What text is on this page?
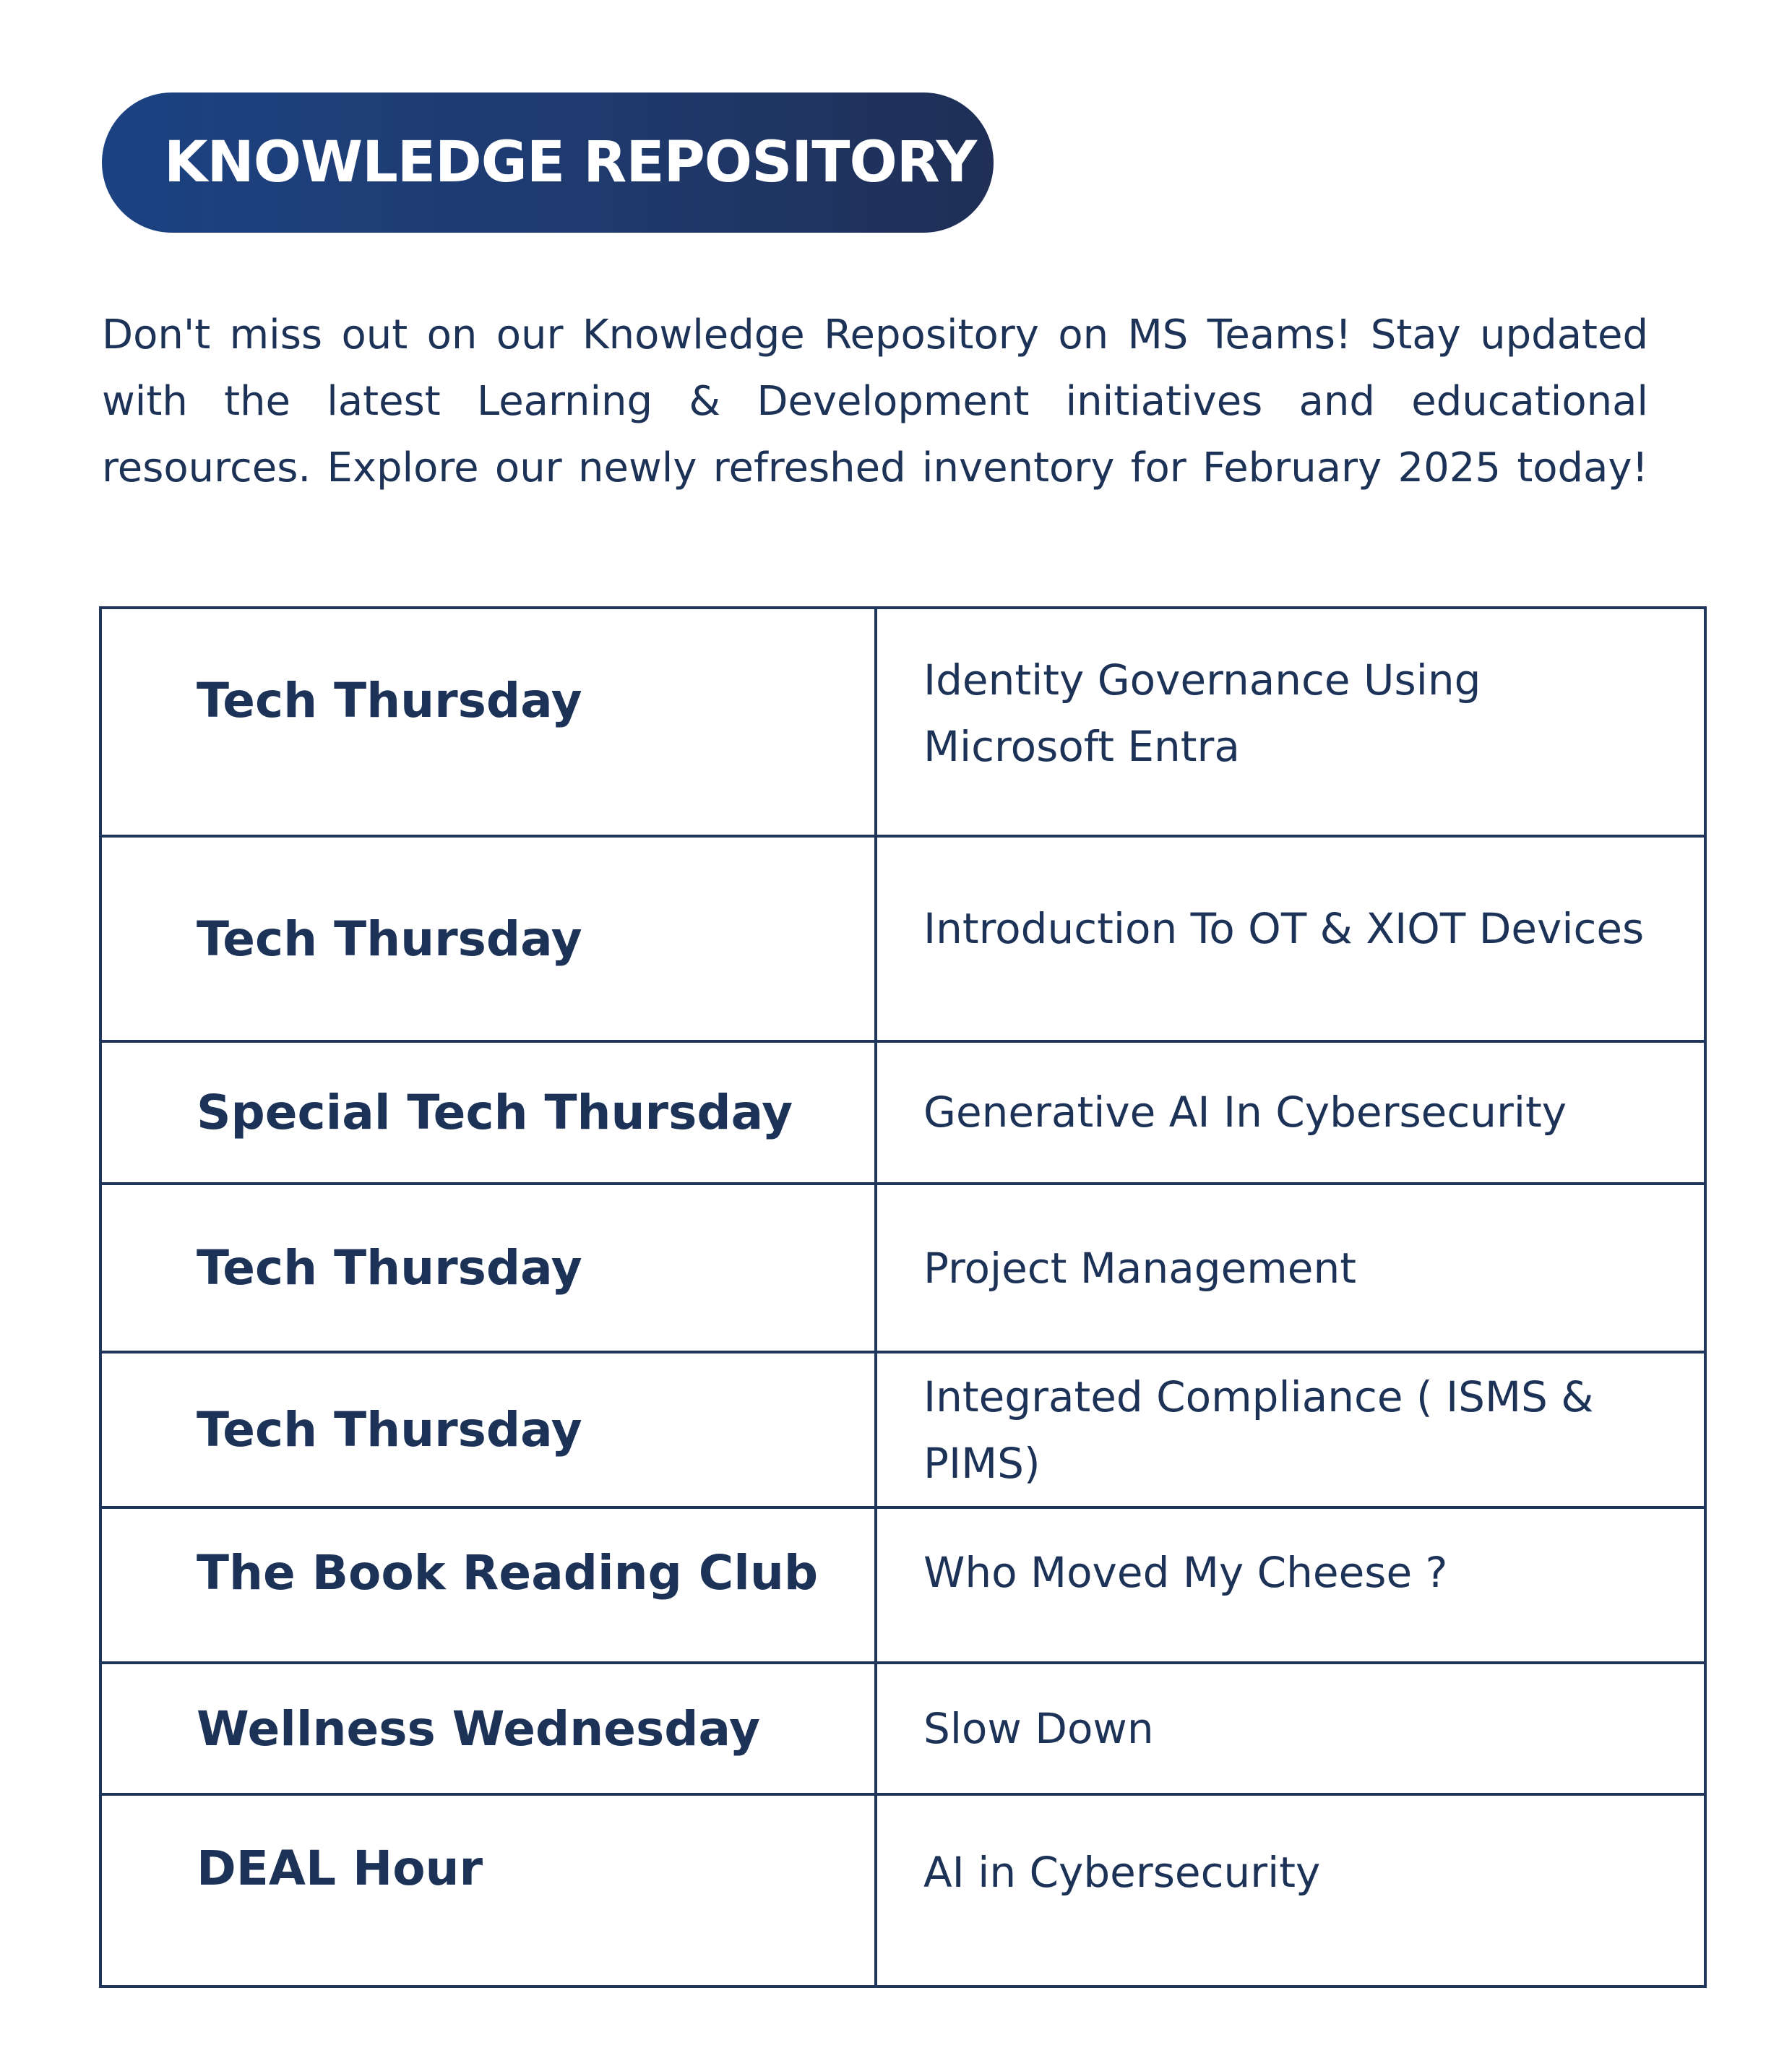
KNOWLEDGE REPOSITORY

Don't miss out on our Knowledge Repository on MS Teams! Stay updated
with the latest Learning & Development initiatives and educational
resources. Explore our newly refreshed inventory for February 2025 today!

Tech Thursday	Identity Governance Using Microsoft Entra

Tech Thursday	Introduction To OT & XIOT Devices
Special Tech Thursday	Generative AI In Cybersecurity
Tech Thursday	Project Management
Tech Thursday	Integrated Compliance ( ISMS & PIMS)

The Book Reading Club	Who Moved My Cheese ?
Wellness Wednesday	Slow Down
DEAL Hour	AI in Cybersecurity
